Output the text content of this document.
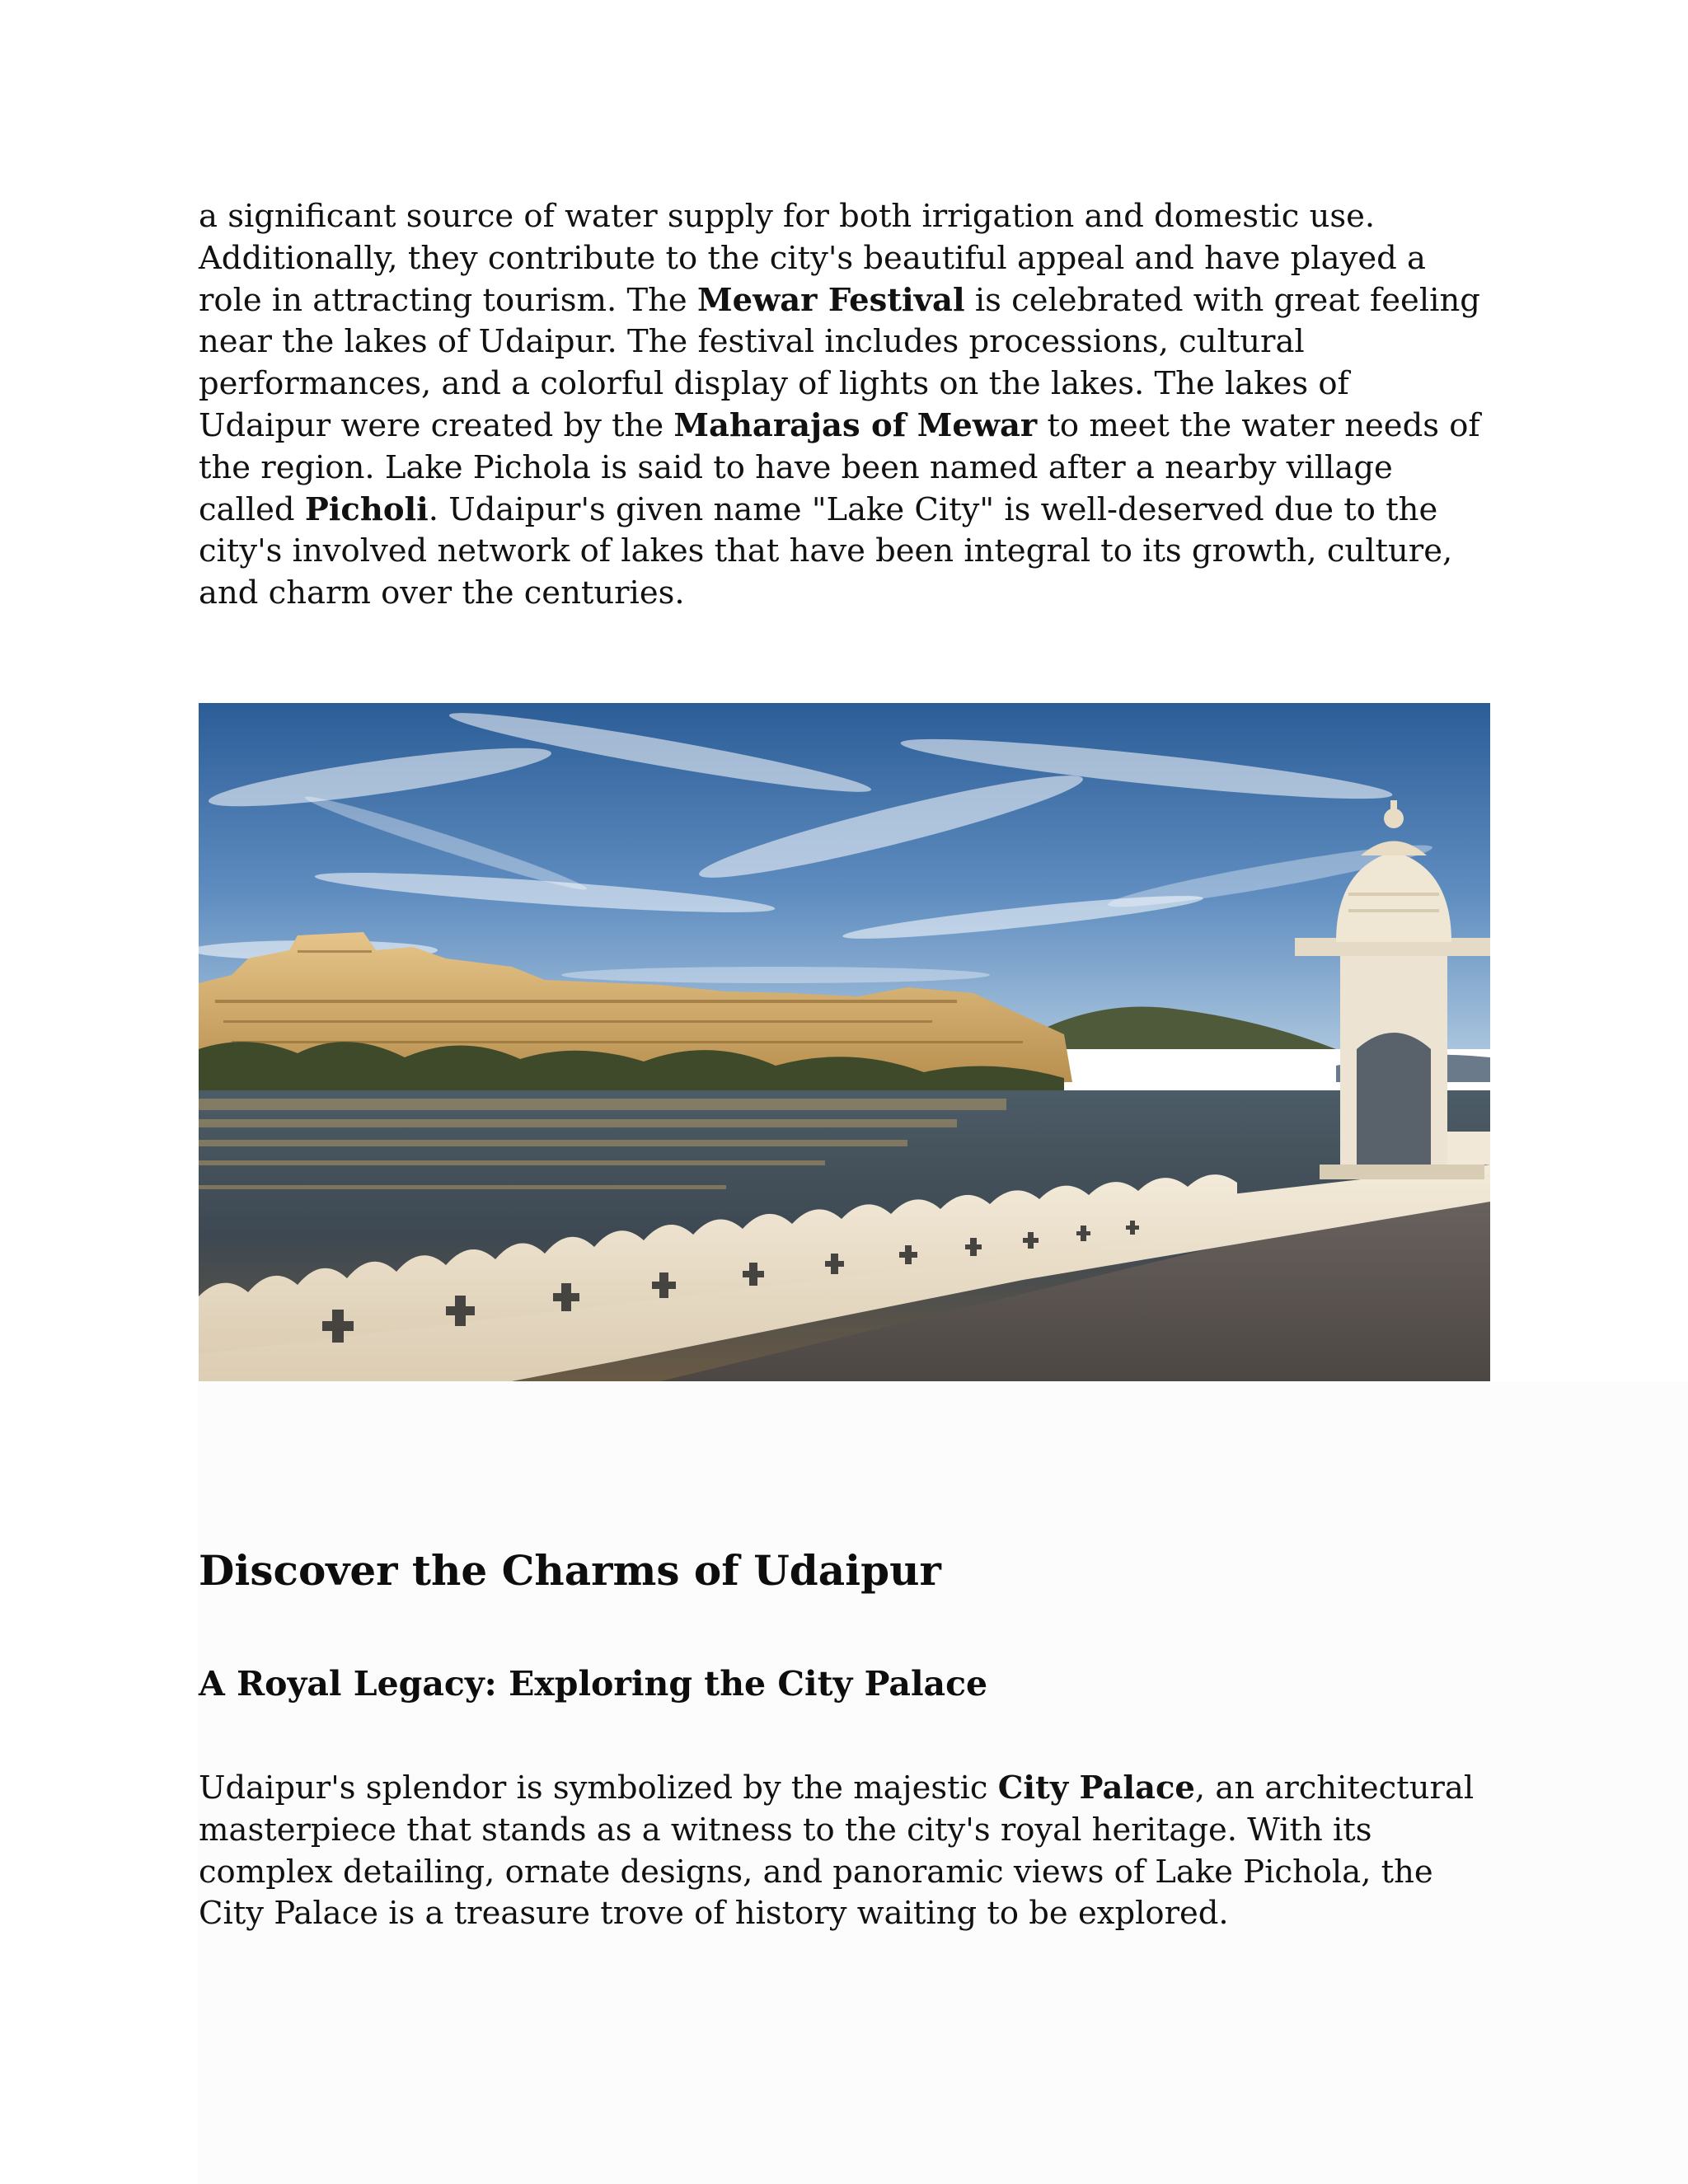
a significant source of water supply for both irrigation and domestic use.
Additionally, they contribute to the city's beautiful appeal and have played a
role in attracting tourism. The Mewar Festival is celebrated with great feeling
near the lakes of Udaipur. The festival includes processions, cultural
performances, and a colorful display of lights on the lakes. The lakes of
Udaipur were created by the Maharajas of Mewar to meet the water needs of
the region. Lake Pichola is said to have been named after a nearby village
called Picholi. Udaipur's given name "Lake City" is well-deserved due to the
city's involved network of lakes that have been integral to its growth, culture,
and charm over the centuries.

Discover the Charms of Udaipur
A Royal Legacy: Exploring the City Palace

Udaipur's splendor is symbolized by the majestic City Palace, an architectural
masterpiece that stands as a witness to the city's royal heritage. With its
complex detailing, ornate designs, and panoramic views of Lake Pichola, the
City Palace is a treasure trove of history waiting to be explored.
